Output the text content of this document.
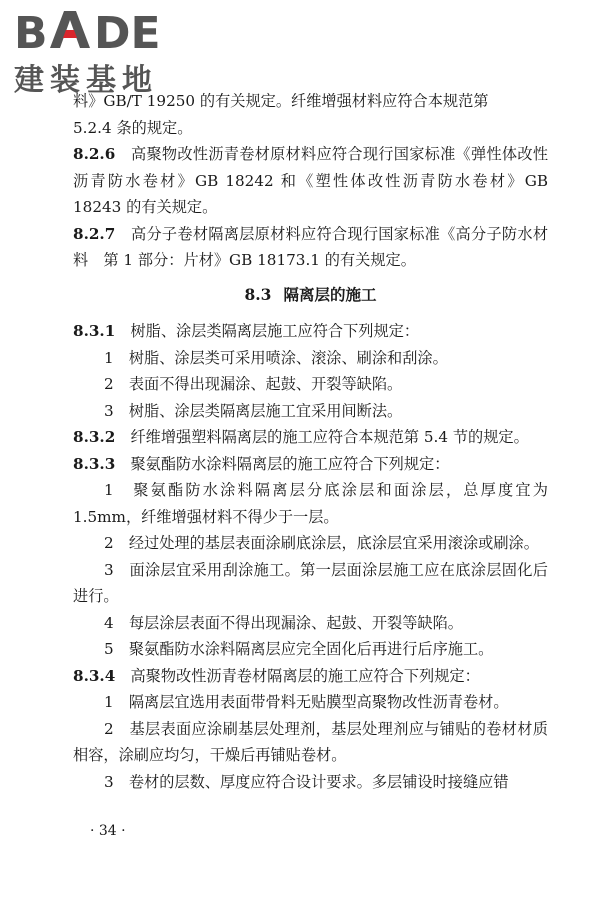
B DE
建装基地

料》GB/T 19250 的有关规定。纤维增强材料应符合本规范第

5.2.4 条的规定。

8.2.6　 高聚物改性沥青卷材原材料应符合现行国家标准《弹性体改性沥青防水卷材》GB 18242 和《塑性体改性沥青防水卷材》GB 18243 的有关规定。

8.2.7　 高分子卷材隔离层原材料应符合现行国家标准《高分子防水材料　第 1 部分：片材》GB 18173.1 的有关规定。

8.3 隔离层的施工

8.3.1　 树脂、涂层类隔离层施工应符合下列规定：

1　树脂、涂层类可采用喷涂、滚涂、刷涂和刮涂。

2　表面不得出现漏涂、起鼓、开裂等缺陷。

3　树脂、涂层类隔离层施工宜采用间断法。

8.3.2　 纤维增强塑料隔离层的施工应符合本规范第 5.4 节的规定。

8.3.3　 聚氨酯防水涂料隔离层的施工应符合下列规定：

1　聚氨酯防水涂料隔离层分底涂层和面涂层，总厚度宜为 1.5mm，纤维增强材料不得少于一层。

2　经过处理的基层表面涂刷底涂层，底涂层宜采用滚涂或刷涂。

3　面涂层宜采用刮涂施工。第一层面涂层施工应在底涂层固化后进行。

4　每层涂层表面不得出现漏涂、起鼓、开裂等缺陷。

5　聚氨酯防水涂料隔离层应完全固化后再进行后序施工。

8.3.4　 高聚物改性沥青卷材隔离层的施工应符合下列规定：

1　隔离层宜选用表面带骨料无贴膜型高聚物改性沥青卷材。

2　基层表面应涂刷基层处理剂，基层处理剂应与铺贴的卷材材质相容，涂刷应均匀，干燥后再铺贴卷材。

3　卷材的层数、厚度应符合设计要求。多层铺设时接缝应错

· 34 ·
